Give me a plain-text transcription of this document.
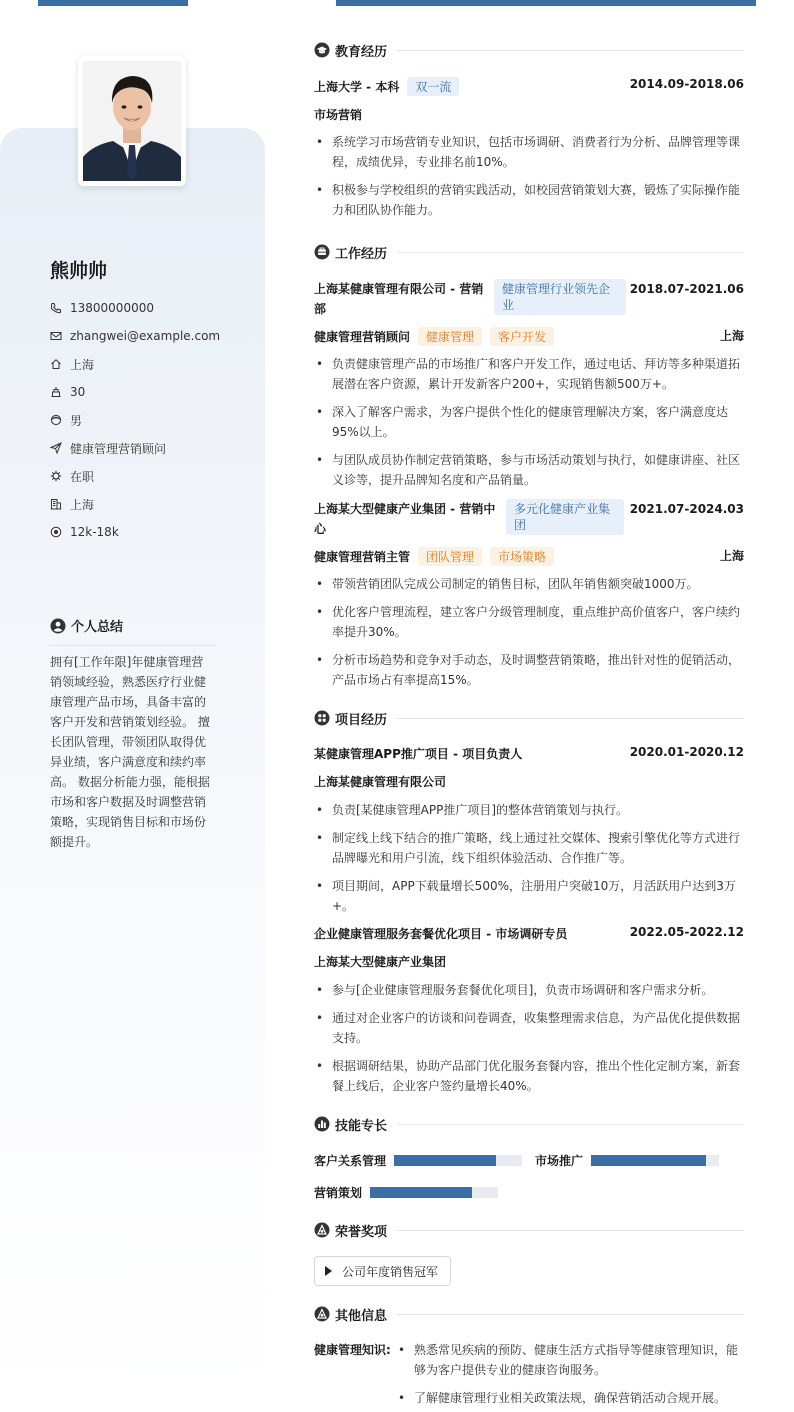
熊帅帅
13800000000
zhangwei@example.com
上海
30
男
健康管理营销顾问
在职
上海
12k-18k
个人总结
拥有[工作年限]年健康管理营销领域经验，熟悉医疗行业健康管理产品市场，具备丰富的客户开发和营销策划经验。 擅长团队管理，带领团队取得优异业绩，客户满意度和续约率高。 数据分析能力强，能根据市场和客户数据及时调整营销策略，实现销售目标和市场份额提升。
教育经历
上海大学 - 本科 双一流	2014.09-2018.06
市场营销
• 系统学习市场营销专业知识，包括市场调研、消费者行为分析、品牌管理等课程，成绩优异，专业排名前10%。
• 积极参与学校组织的营销实践活动，如校园营销策划大赛，锻炼了实际操作能力和团队协作能力。
工作经历
上海某健康管理有限公司 - 营销部
健康管理行业领先企业
2018.07-2021.06
健康管理营销顾问 健康管理 客户开发	上海
• 负责健康管理产品的市场推广和客户开发工作，通过电话、拜访等多种渠道拓展潜在客户资源，累计开发新客户200+，实现销售额500万+。
• 深入了解客户需求，为客户提供个性化的健康管理解决方案，客户满意度达95%以上。
• 与团队成员协作制定营销策略，参与市场活动策划与执行，如健康讲座、社区义诊等，提升品牌知名度和产品销量。
上海某大型健康产业集团 - 营销中心
多元化健康产业集团
2021.07-2024.03
健康管理营销主管 团队管理 市场策略	上海
• 带领营销团队完成公司制定的销售目标，团队年销售额突破1000万。
• 优化客户管理流程，建立客户分级管理制度，重点维护高价值客户，客户续约率提升30%。
• 分析市场趋势和竞争对手动态，及时调整营销策略，推出针对性的促销活动，产品市场占有率提高15%。
项目经历
某健康管理APP推广项目 - 项目负责人	2020.01-2020.12
上海某健康管理有限公司
• 负责[某健康管理APP推广项目]的整体营销策划与执行。
• 制定线上线下结合的推广策略，线上通过社交媒体、搜索引擎优化等方式进行品牌曝光和用户引流，线下组织体验活动、合作推广等。
• 项目期间，APP下载量增长500%，注册用户突破10万，月活跃用户达到3万+。
企业健康管理服务套餐优化项目 - 市场调研专员	2022.05-2022.12
上海某大型健康产业集团
• 参与[企业健康管理服务套餐优化项目]，负责市场调研和客户需求分析。
• 通过对企业客户的访谈和问卷调查，收集整理需求信息，为产品优化提供数据支持。
• 根据调研结果，协助产品部门优化服务套餐内容，推出个性化定制方案，新套餐上线后，企业客户签约量增长40%。
技能专长
客户关系管理	市场推广
营销策划
荣誉奖项
公司年度销售冠军
其他信息
健康管理知识:
•	熟悉常见疾病的预防、健康生活方式指导等健康管理知识，能够为客户提供专业的健康咨询服务。
• 了解健康管理行业相关政策法规，确保营销活动合规开展。
